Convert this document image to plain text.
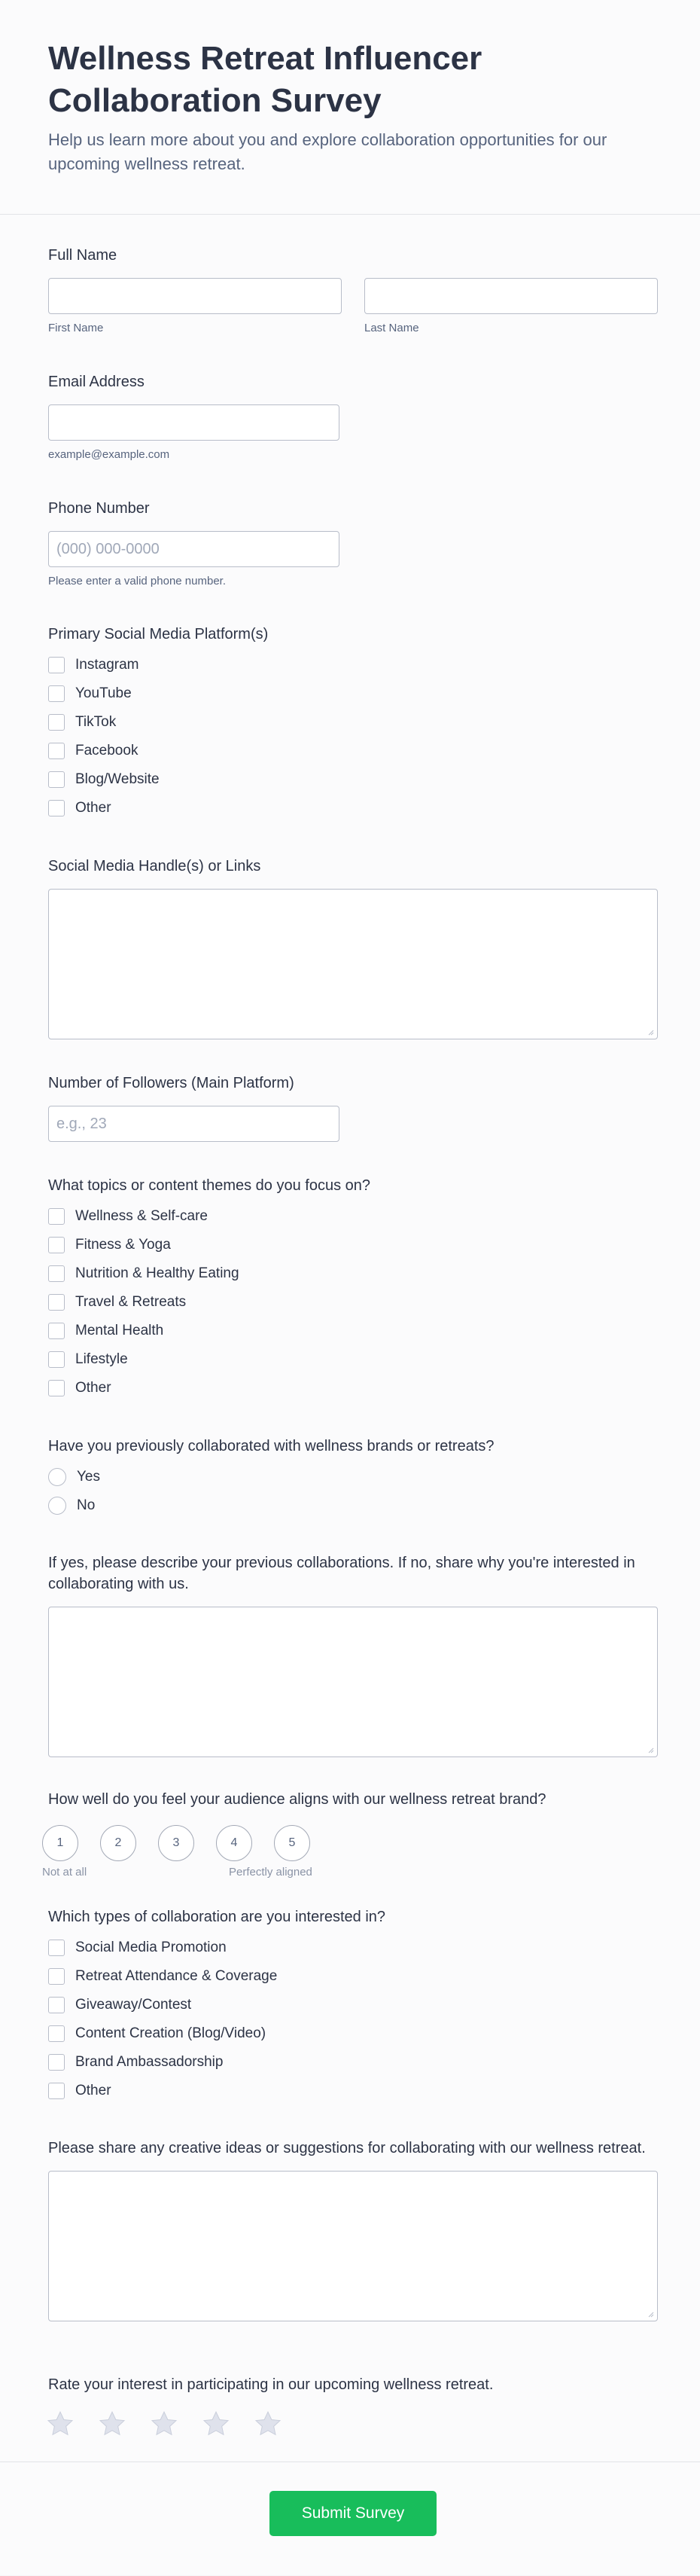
Wellness Retreat Influencer Collaboration Survey
Help us learn more about you and explore collaboration opportunities for our upcoming wellness retreat.
Full Name
First Name	Last Name
Email Address
example@example.com
Phone Number
(000) 000-0000
Please enter a valid phone number.
Primary Social Media Platform(s)
Instagram
YouTube
TikTok
Facebook
Blog/Website
Other
Social Media Handle(s) or Links
Number of Followers (Main Platform)
e.g., 23
What topics or content themes do you focus on?
Wellness & Self-care
Fitness & Yoga
Nutrition & Healthy Eating
Travel & Retreats
Mental Health
Lifestyle
Other
Have you previously collaborated with wellness brands or retreats?
Yes
No
If yes, please describe your previous collaborations. If no, share why you're interested in collaborating with us.
How well do you feel your audience aligns with our wellness retreat brand?
1	2	3	4	5
Not at all	Perfectly aligned
Which types of collaboration are you interested in?
Social Media Promotion
Retreat Attendance & Coverage
Giveaway/Contest
Content Creation (Blog/Video)
Brand Ambassadorship
Other
Please share any creative ideas or suggestions for collaborating with our wellness retreat.
Rate your interest in participating in our upcoming wellness retreat.
Submit Survey
